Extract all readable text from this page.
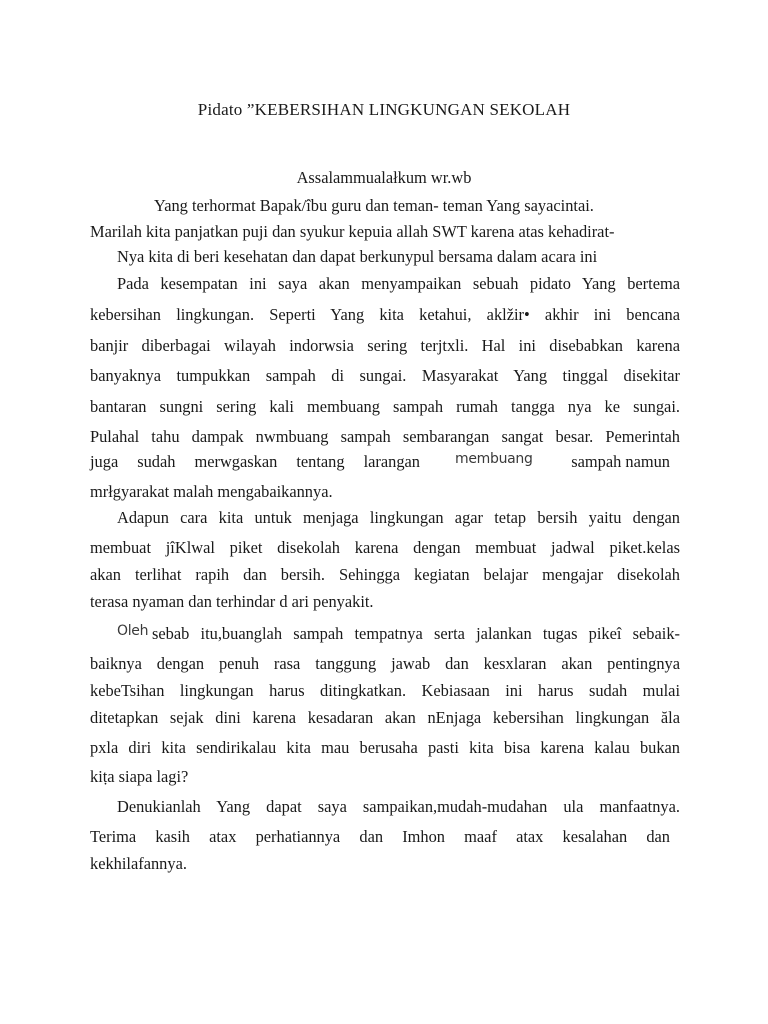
Pidato ”KEBERSIHAN LINGKUNGAN SEKOLAH
Assalammualałkum wr.wb
Yang terhormat Bapak/îbu guru dan teman- teman Yang sayacintai.
Marilah kita panjatkan puji dan syukur kepuia allah SWT karena atas kehadirat-
Nya kita di beri kesehatan dan dapat berkunypul bersama dalam acara ini
Pada kesempatan ini saya akan menyampaikan sebuah pidato Yang bertema
kebersihan lingkungan. Seperti Yang kita ketahui, aklžir• akhir ini bencana
banjir diberbagai wilayah indorwsia sering terjtxli. Hal ini disebabkan karena
banyaknya tumpukkan sampah di sungai. Masyarakat Yang tinggal disekitar
bantaran sungni sering kali membuang sampah rumah tangga nya ke sungai.
Pulahal tahu dampak nwmbuang sampah sembarangan sangat besar. Pemerintah
juga sudah merwgaskan tentang larangan	membuang	sampah namun
mrłgyarakat malah mengabaikannya.
Adapun cara kita untuk menjaga lingkungan agar tetap bersih yaitu dengan
membuat jîKlwal piket disekolah karena dengan membuat jadwal piket.kelas
akan terlihat rapih dan bersih. Sehingga kegiatan belajar mengajar disekolah
terasa nyaman dan terhindar d ari penyakit.
Oleh sebab itu,buanglah sampah tempatnya serta jalankan tugas pikeî sebaik-
baiknya dengan penuh rasa tanggung jawab dan kesxlaran akan pentingnya
kebeTsihan lingkungan harus ditingkatkan. Kebiasaan ini harus sudah mulai
ditetapkan sejak dini karena kesadaran akan nEnjaga kebersihan lingkungan ăla
pxla diri kita sendirikalau kita mau berusaha pasti kita bisa karena kalau bukan
kiṭa siapa lagi?
Denukianlah Yang dapat saya sampaikan,mudah-mudahan ula manfaatnya.
Terima kasih atax perhatiannya dan Imhon maaf atax kesalahan dan
kekhilafannya.
